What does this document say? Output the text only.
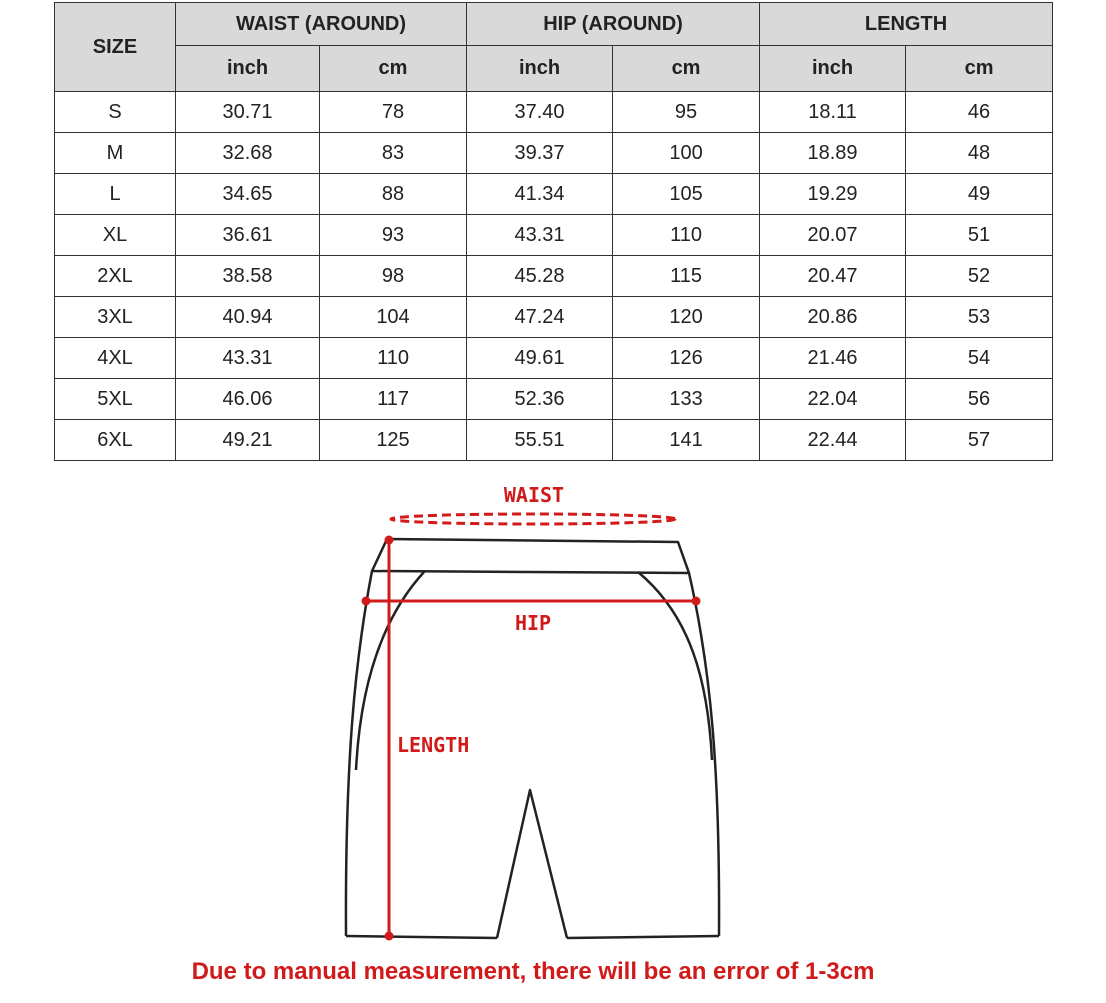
SIZE	WAIST (AROUND)		HIP (AROUND)		LENGTH	
	inch	cm	inch	cm	inch	cm
S	30.71	78	37.40	95	18.11	46
M	32.68	83	39.37	100	18.89	48
L	34.65	88	41.34	105	19.29	49
XL	36.61	93	43.31	110	20.07	51
2XL	38.58	98	45.28	115	20.47	52
3XL	40.94	104	47.24	120	20.86	53
4XL	43.31	110	49.61	126	21.46	54
5XL	46.06	117	52.36	133	22.04	56
6XL	49.21	125	55.51	141	22.44	57
WAIST
HIP
LENGTH
Due to manual measurement, there will be an error of 1-3cm
